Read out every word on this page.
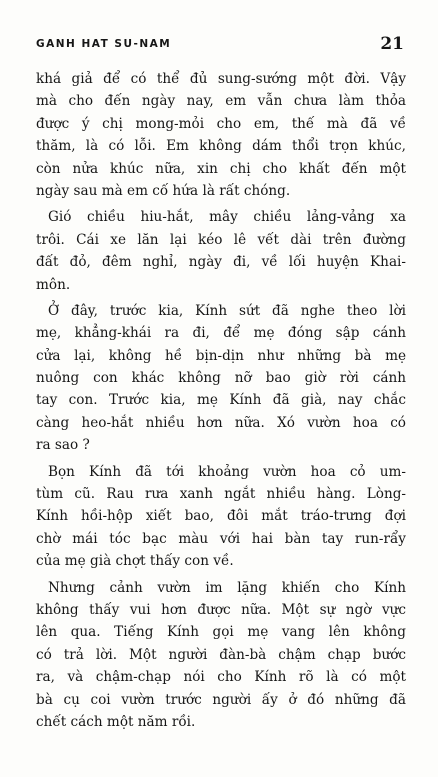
GANH HAT SU-NAM	21
khá giả để có thể đủ sung-sướng một đời. Vậy
mà cho đến ngày nay, em vẫn chưa làm thỏa
được ý chị mong-mỏi cho em, thế mà đã về
thăm, là có lỗi. Em không dám thổi trọn khúc,
còn nửa khúc nữa, xin chị cho khất đến một
ngày sau mà em cố hứa là rất chóng.
Gió chiều hiu-hắt, mây chiều lảng-vảng xa
trôi. Cái xe lăn lại kéo lê vết dài trên đường
đất đỏ, đêm nghỉ, ngày đi, về lối huyện Khai-
môn.
Ở đây, trước kia, Kính sứt đã nghe theo lời
mẹ, khẳng-khái ra đi, để mẹ đóng sập cánh
cửa lại, không hề bịn-dịn như những bà mẹ
nuông con khác không nỡ bao giờ rời cánh
tay con. Trước kia, mẹ Kính đã già, nay chắc
càng heo-hắt nhiều hơn nữa. Xó vườn hoa có
ra sao ?
Bọn Kính đã tới khoảng vườn hoa cỏ um-
tùm cũ. Rau rưa xanh ngắt nhiều hàng. Lòng-
Kính hồi-hộp xiết bao, đôi mắt tráo-trưng đợi
chờ mái tóc bạc màu với hai bàn tay run-rẩy
của mẹ già chợt thấy con về.
Nhưng cảnh vườn im lặng khiến cho Kính
không thấy vui hơn được nữa. Một sự ngờ vực
lên qua. Tiếng Kính gọi mẹ vang lên không
có trả lời. Một người đàn-bà chậm chạp bước
ra, và chậm-chạp nói cho Kính rõ là có một
bà cụ coi vườn trước người ấy ở đó những đã
chết cách một năm rồi.
